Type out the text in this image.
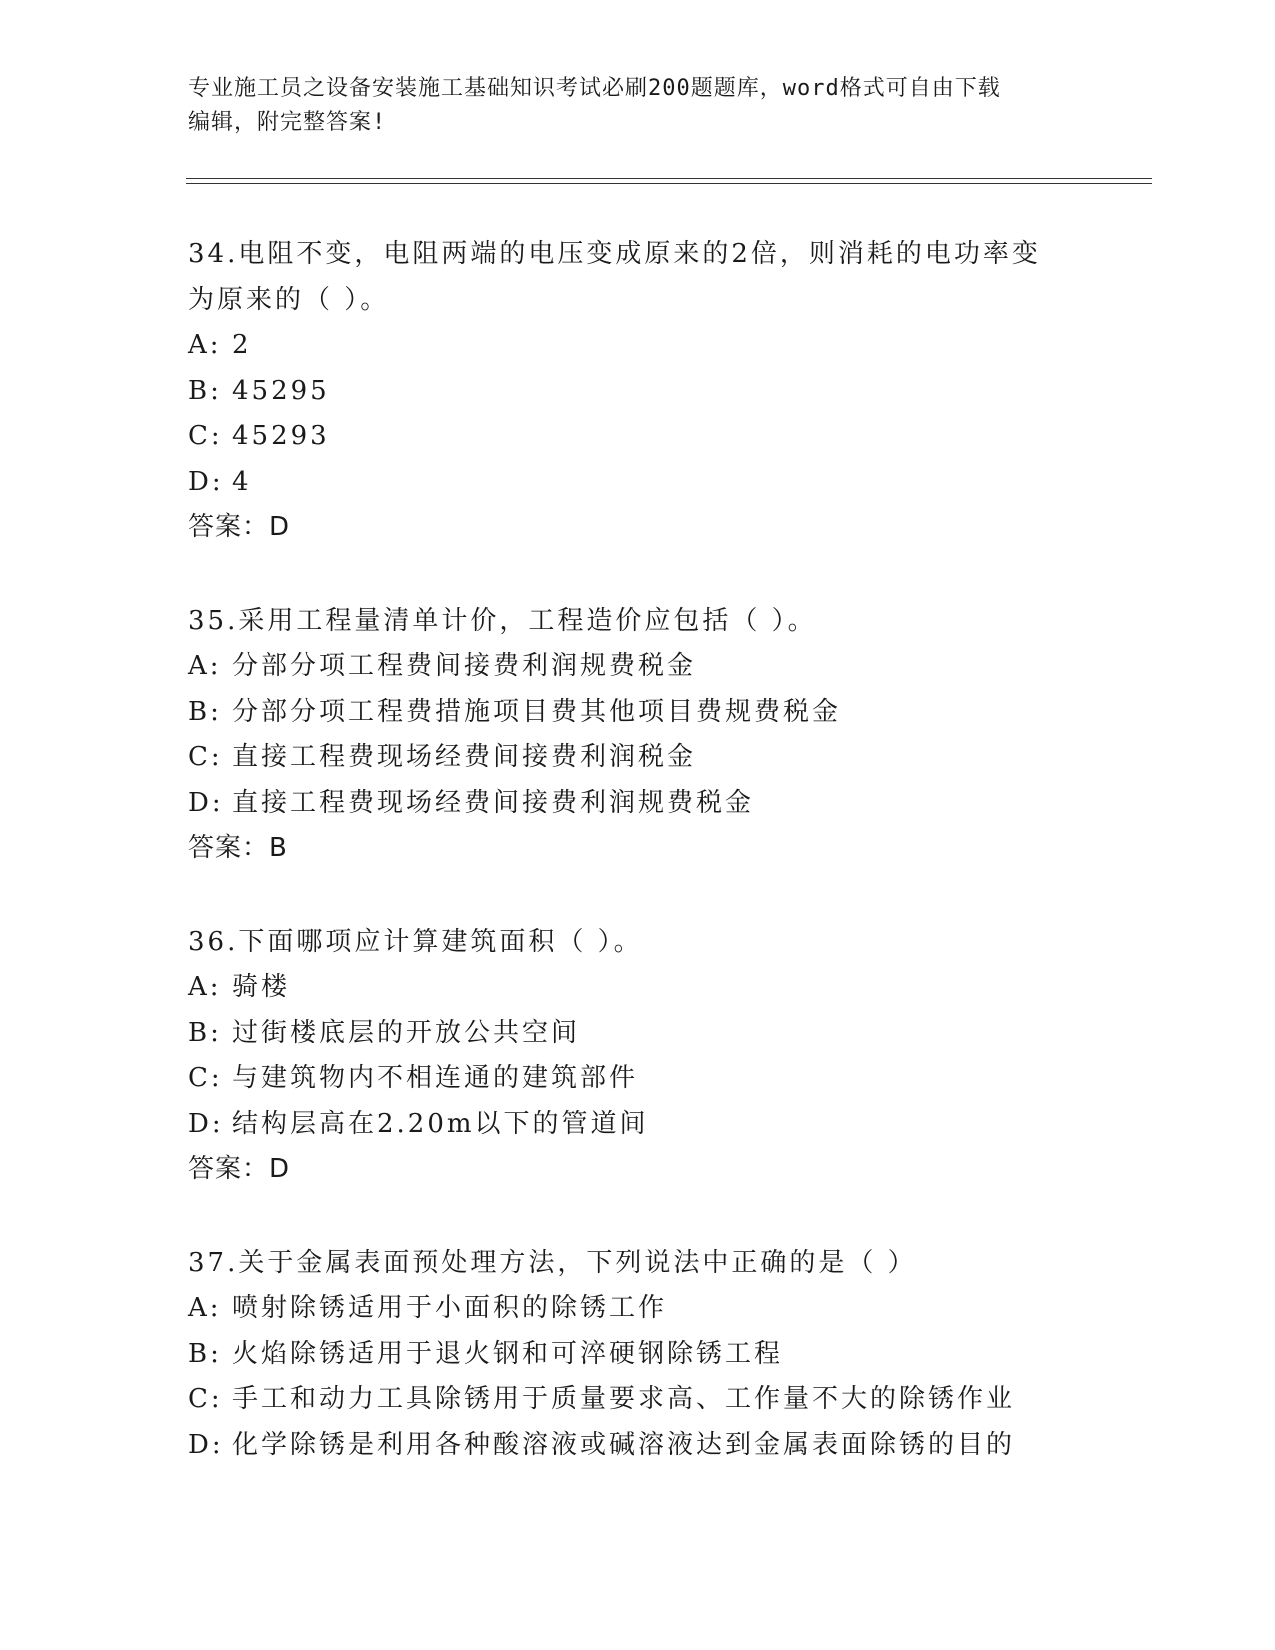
专业施工员之设备安装施工基础知识考试必刷200题题库，word格式可自由下载
编辑，附完整答案!
34.电阻不变，电阻两端的电压变成原来的2倍，则消耗的电功率变为原来的（ ）。
A: 2
B: 45295
C: 45293
D: 4
答案：D
35.采用工程量清单计价，工程造价应包括（ ）。
A: 分部分项工程费间接费利润规费税金
B: 分部分项工程费措施项目费其他项目费规费税金
C: 直接工程费现场经费间接费利润税金
D: 直接工程费现场经费间接费利润规费税金
答案：B
36.下面哪项应计算建筑面积（ ）。
A: 骑楼
B: 过街楼底层的开放公共空间
C: 与建筑物内不相连通的建筑部件
D: 结构层高在2.20m以下的管道间
答案：D
37.关于金属表面预处理方法，下列说法中正确的是（ ）
A: 喷射除锈适用于小面积的除锈工作
B: 火焰除锈适用于退火钢和可淬硬钢除锈工程
C: 手工和动力工具除锈用于质量要求高、工作量不大的除锈作业
D: 化学除锈是利用各种酸溶液或碱溶液达到金属表面除锈的目的
